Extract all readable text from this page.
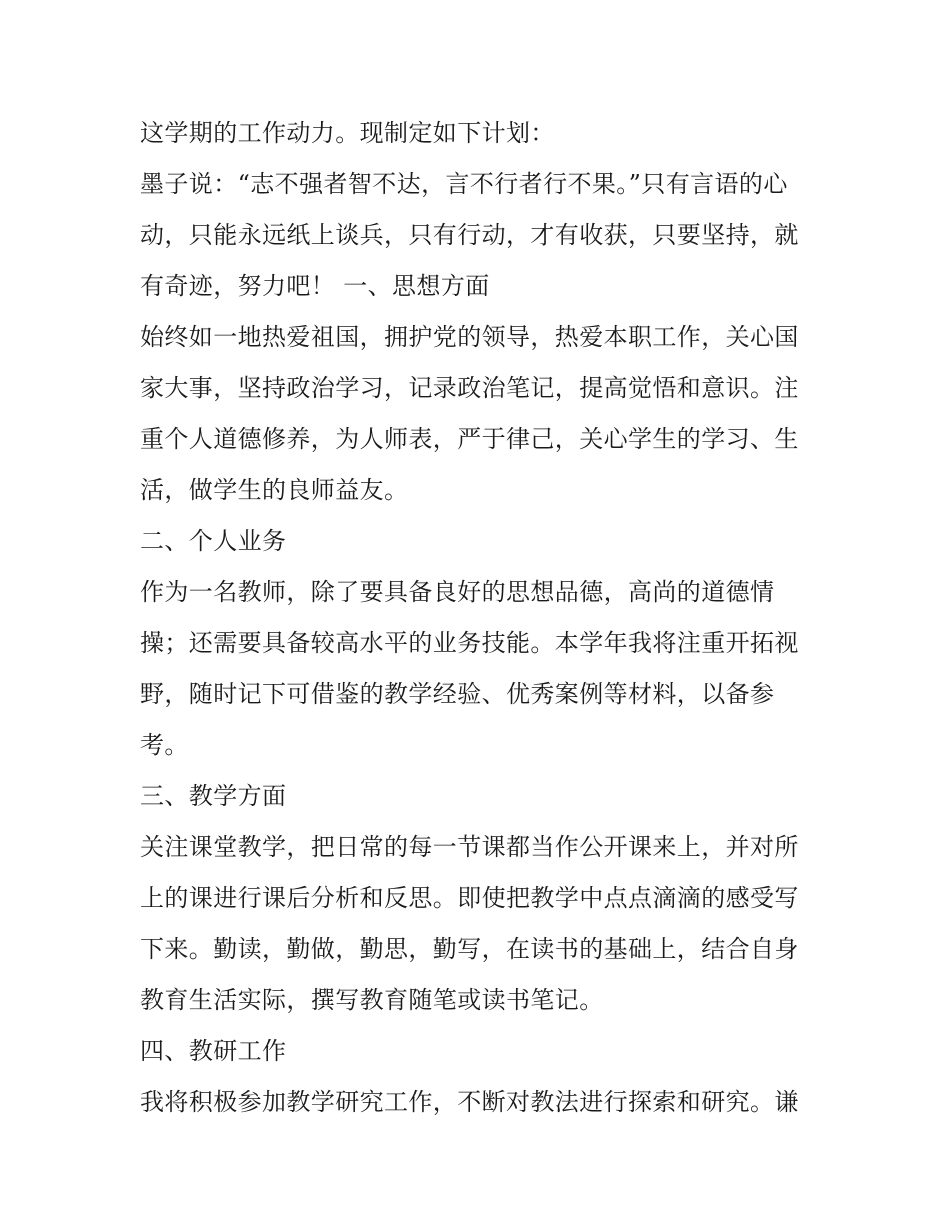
这学期的工作动力。现制定如下计划：
墨子说：“志不强者智不达，言不行者行不果。”只有言语的心
动，只能永远纸上谈兵，只有行动，才有收获，只要坚持，就
有奇迹，努力吧！ 一、思想方面
始终如一地热爱祖国，拥护党的领导，热爱本职工作，关心国
家大事，坚持政治学习，记录政治笔记，提高觉悟和意识。注
重个人道德修养，为人师表，严于律己，关心学生的学习、生
活，做学生的良师益友。
二、个人业务
作为一名教师，除了要具备良好的思想品德，高尚的道德情
操；还需要具备较高水平的业务技能。本学年我将注重开拓视
野，随时记下可借鉴的教学经验、优秀案例等材料，以备参
考。
三、教学方面
关注课堂教学，把日常的每一节课都当作公开课来上，并对所
上的课进行课后分析和反思。即使把教学中点点滴滴的感受写
下来。勤读，勤做，勤思，勤写，在读书的基础上，结合自身
教育生活实际，撰写教育随笔或读书笔记。
四、教研工作
我将积极参加教学研究工作，不断对教法进行探索和研究。谦
